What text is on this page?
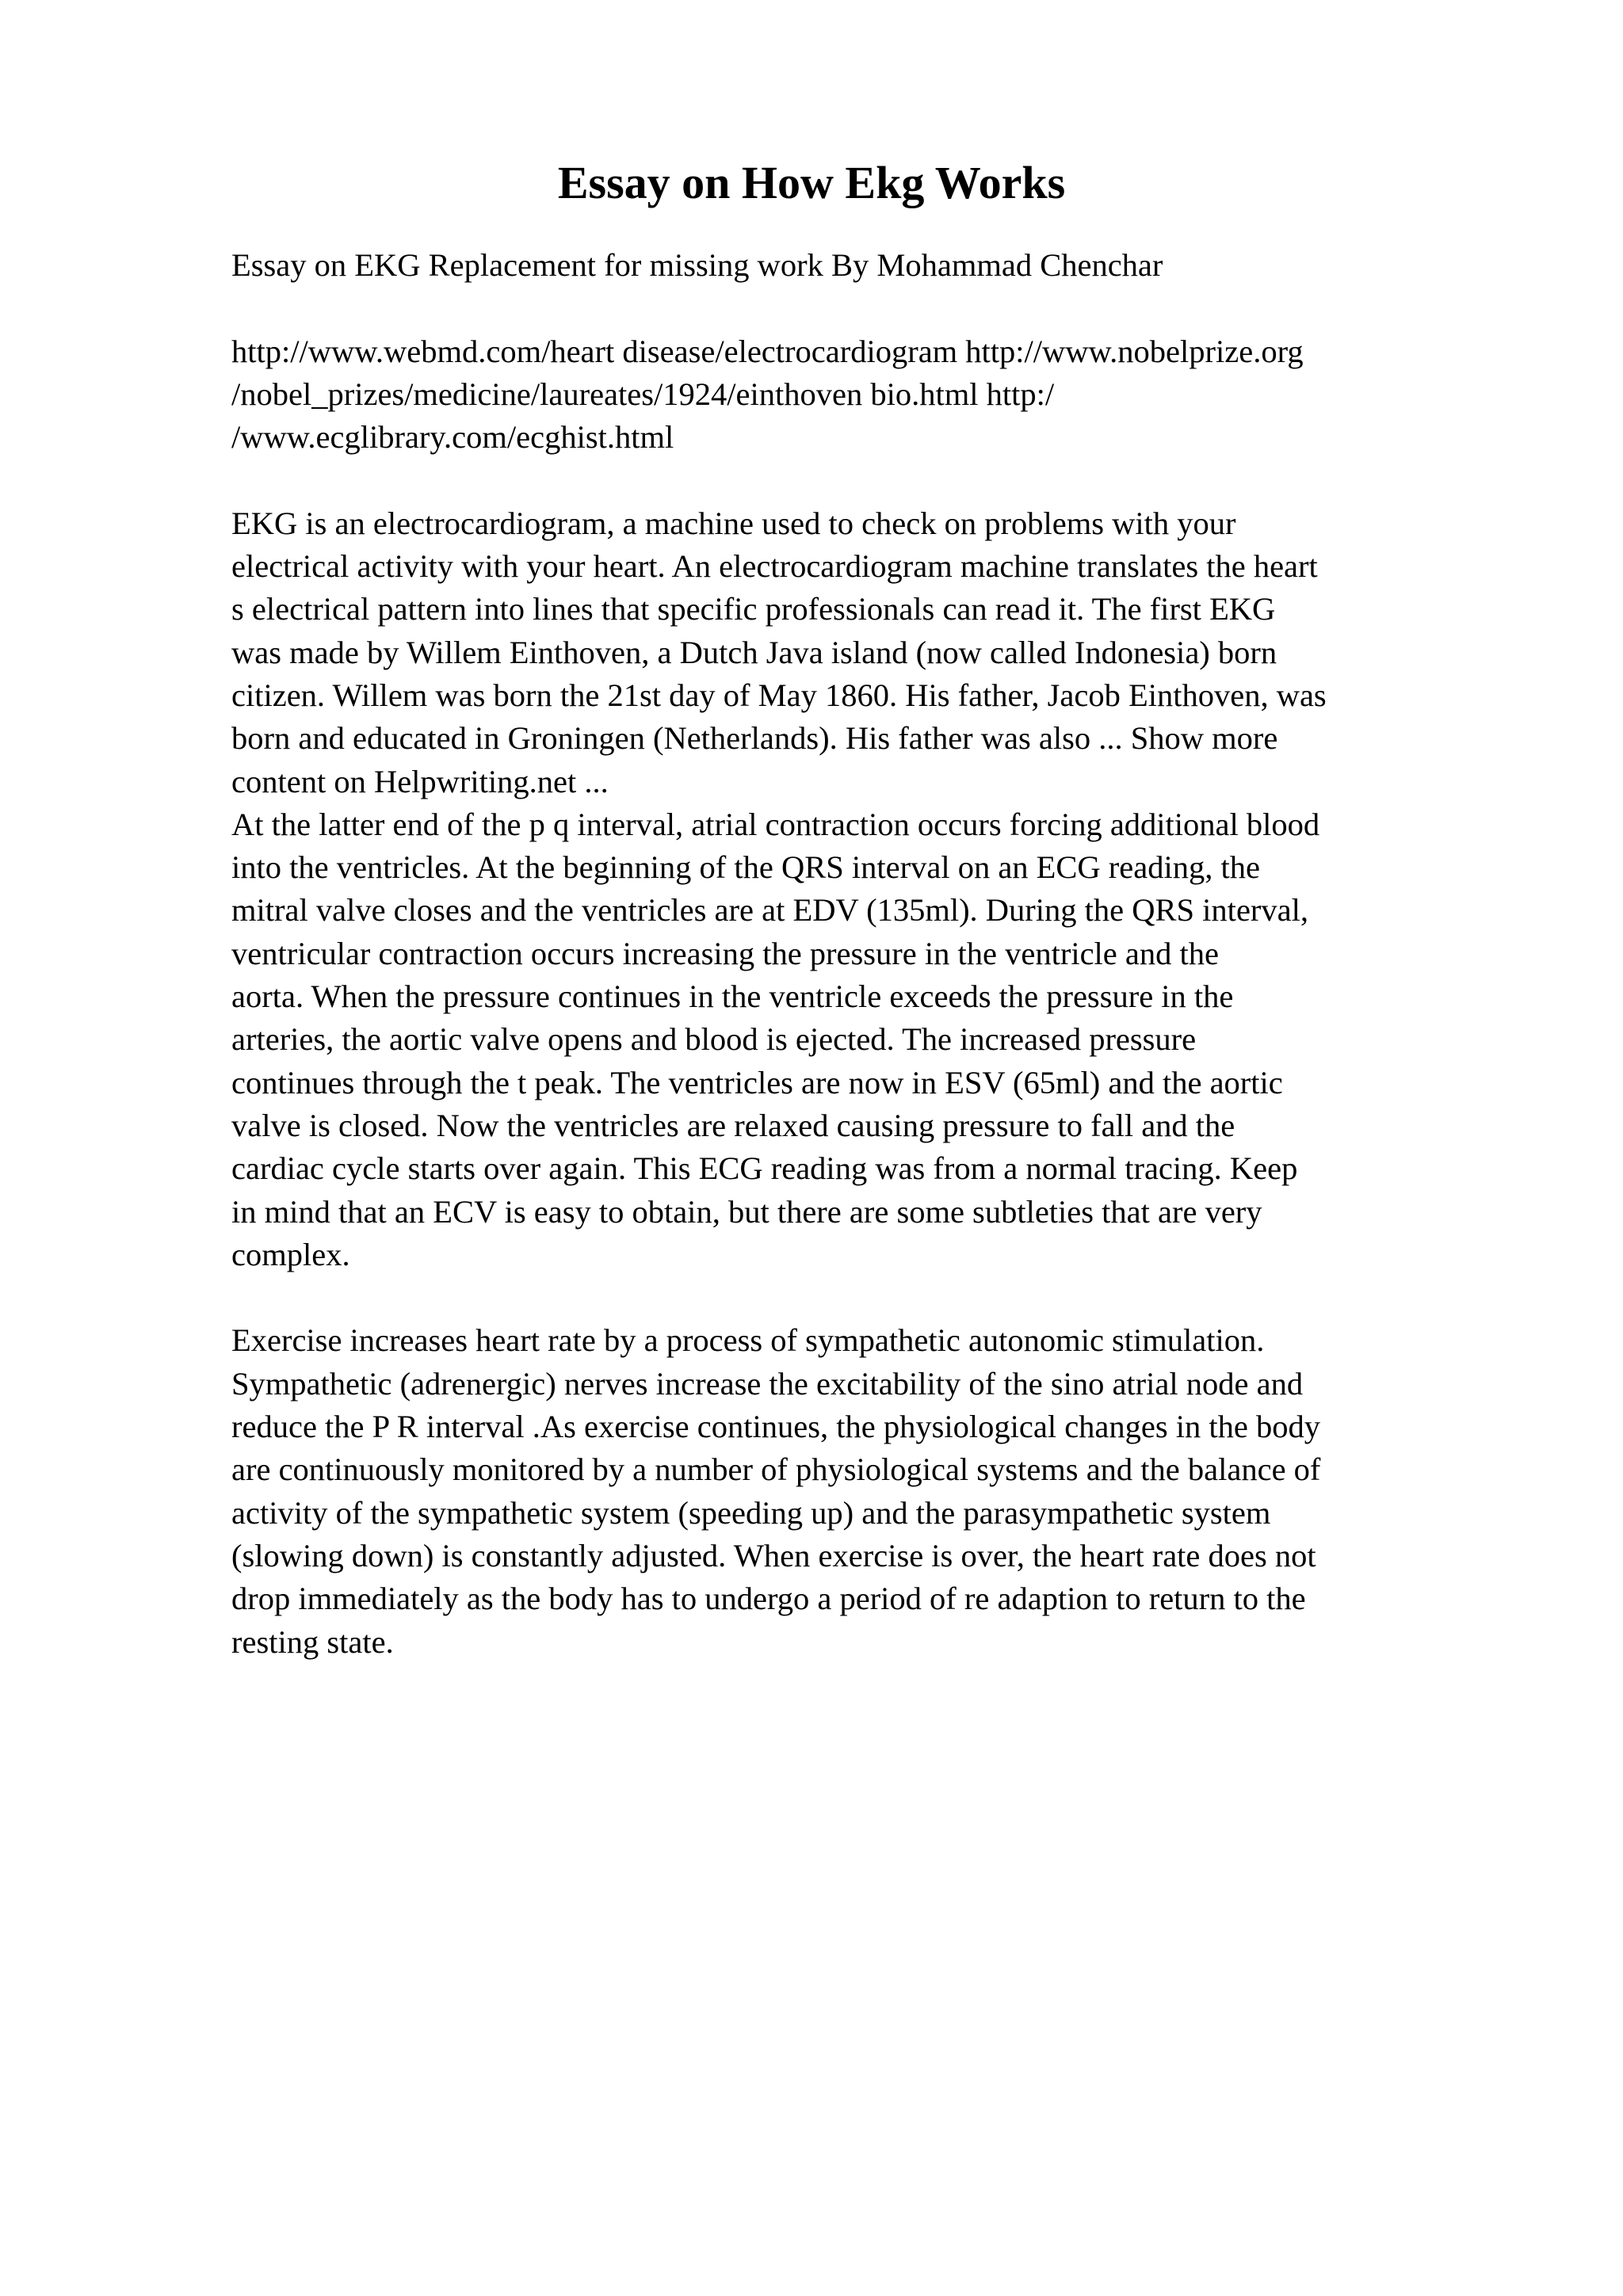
Essay on How Ekg Works
Essay on EKG Replacement for missing work By Mohammad Chenchar
http://www.webmd.com/heart disease/electrocardiogram http://www.nobelprize.org
/nobel_prizes/medicine/laureates/1924/einthoven bio.html http:/
/www.ecglibrary.com/ecghist.html
EKG is an electrocardiogram, a machine used to check on problems with your
electrical activity with your heart. An electrocardiogram machine translates the heart
s electrical pattern into lines that specific professionals can read it. The first EKG
was made by Willem Einthoven, a Dutch Java island (now called Indonesia) born
citizen. Willem was born the 21st day of May 1860. His father, Jacob Einthoven, was
born and educated in Groningen (Netherlands). His father was also ... Show more
content on Helpwriting.net ...
At the latter end of the p q interval, atrial contraction occurs forcing additional blood
into the ventricles. At the beginning of the QRS interval on an ECG reading, the
mitral valve closes and the ventricles are at EDV (135ml). During the QRS interval,
ventricular contraction occurs increasing the pressure in the ventricle and the
aorta. When the pressure continues in the ventricle exceeds the pressure in the
arteries, the aortic valve opens and blood is ejected. The increased pressure
continues through the t peak. The ventricles are now in ESV (65ml) and the aortic
valve is closed. Now the ventricles are relaxed causing pressure to fall and the
cardiac cycle starts over again. This ECG reading was from a normal tracing. Keep
in mind that an ECV is easy to obtain, but there are some subtleties that are very
complex.
Exercise increases heart rate by a process of sympathetic autonomic stimulation.
Sympathetic (adrenergic) nerves increase the excitability of the sino atrial node and
reduce the P R interval .As exercise continues, the physiological changes in the body
are continuously monitored by a number of physiological systems and the balance of
activity of the sympathetic system (speeding up) and the parasympathetic system
(slowing down) is constantly adjusted. When exercise is over, the heart rate does not
drop immediately as the body has to undergo a period of re adaption to return to the
resting state.
